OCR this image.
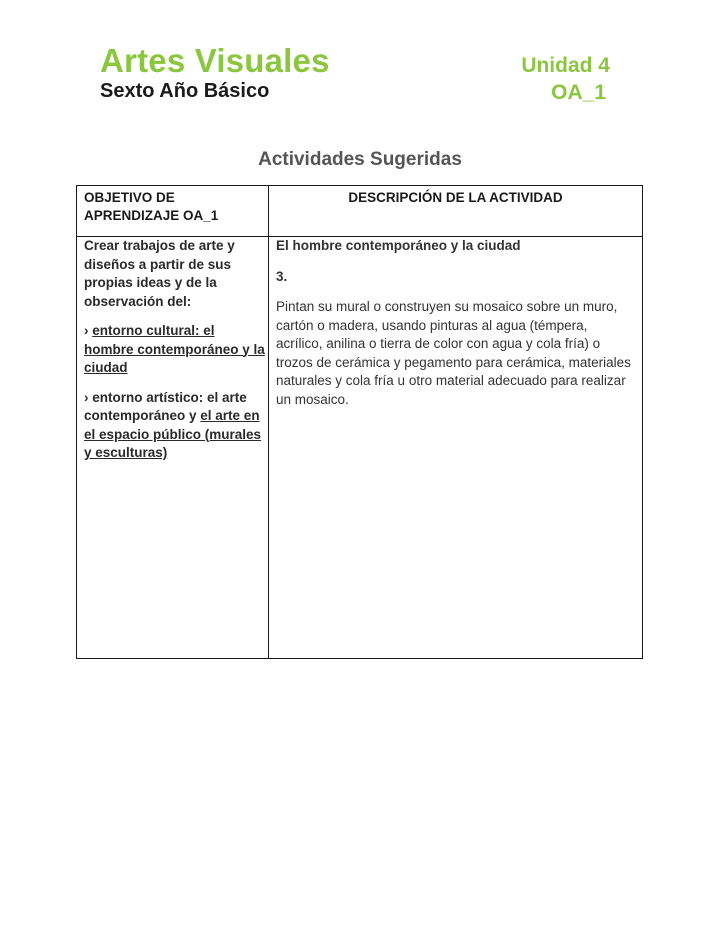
Artes Visuales
Sexto Año Básico
Unidad 4
OA_1
Actividades Sugeridas
OBJETIVO DE APRENDIZAJE OA_1
DESCRIPCIÓN DE LA ACTIVIDAD

Crear trabajos de arte y diseños a partir de sus propias ideas y de la observación del:

› entorno cultural: el hombre contemporáneo y la ciudad

› entorno artístico: el arte contemporáneo y el arte en el espacio público (murales y esculturas)

El hombre contemporáneo y la ciudad

3.

Pintan su mural o construyen su mosaico sobre un muro, cartón o madera, usando pinturas al agua (témpera, acrílico, anilina o tierra de color con agua y cola fría) o trozos de cerámica y pegamento para cerámica, materiales naturales y cola fría u otro material adecuado para realizar un mosaico.
